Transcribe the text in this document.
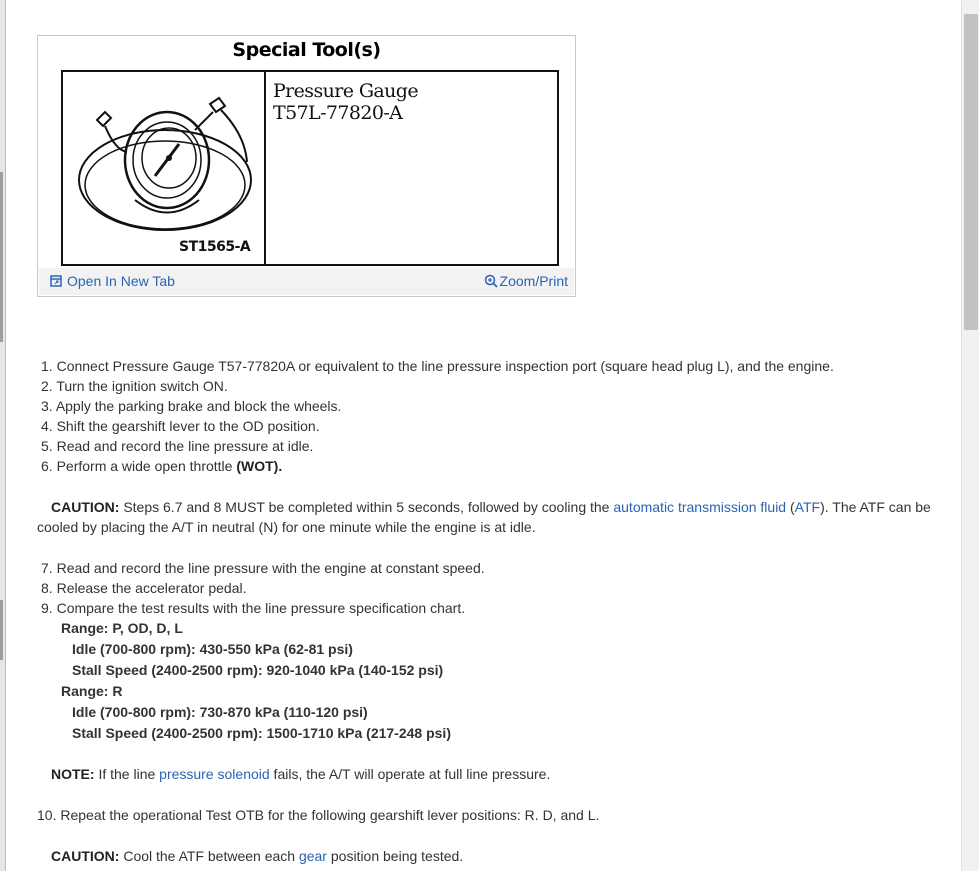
Special Tool(s)
ST1565-A
Pressure Gauge
T57L-77820-A
Open In New Tab	Zoom/Print

1. Connect Pressure Gauge T57-77820A or equivalent to the line pressure inspection port (square head plug L), and the engine.

2. Turn the ignition switch ON.

3. Apply the parking brake and block the wheels.

4. Shift the gearshift lever to the OD position.

5. Read and record the line pressure at idle.

6. Perform a wide open throttle (WOT).

CAUTION: Steps 6.7 and 8 MUST be completed within 5 seconds, followed by cooling the automatic transmission fluid (ATF). The ATF can be cooled by placing the A/T in neutral (N) for one minute while the engine is at idle.

7. Read and record the line pressure with the engine at constant speed.

8. Release the accelerator pedal.

9. Compare the test results with the line pressure specification chart.

Range: P, OD, D, L

Idle (700-800 rpm): 430-550 kPa (62-81 psi)

Stall Speed (2400-2500 rpm): 920-1040 kPa (140-152 psi)

Range: R

Idle (700-800 rpm): 730-870 kPa (110-120 psi)

Stall Speed (2400-2500 rpm): 1500-1710 kPa (217-248 psi)

NOTE: If the line pressure solenoid fails, the A/T will operate at full line pressure.

10. Repeat the operational Test OTB for the following gearshift lever positions: R. D, and L.

CAUTION: Cool the ATF between each gear position being tested.
